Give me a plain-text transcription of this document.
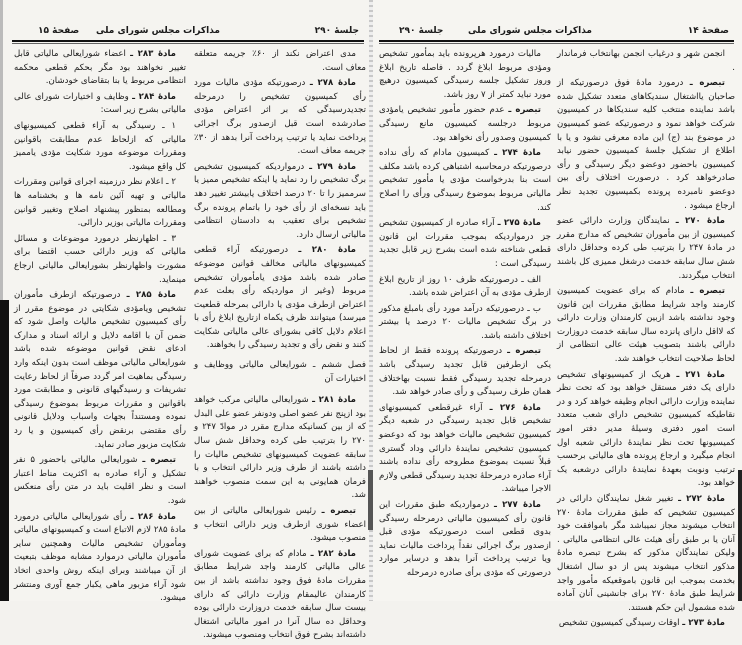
جلسهٔ ۲۹۰
مذاکرات مجلس شورای ملی
صفحهٔ ۱۵

مدی اعتراض نکند از ۶۰٪ جریمه متعلقه معاف است.

مادهٔ ۲۷۸ ـ درصورتیکه مؤدی مالیات مورد رأی کمیسیون تشخیص را درمرحله تجدیدرسیدگی که بر اثر اعتراض مؤدی صادرشده است قبل ازصدور برگ اجرائی پرداخت نماید یا ترتیب پرداخت آنرا بدهد از ۳۰٪ جریمه معاف است.

مادهٔ ۲۷۹ ـ درمواردیکه کمیسیون تشخیص برگ تشخیص را رد نماید یا اینکه تشخیص ممیز یا سرممیز را تا ۲۰ درصد اختلاف یابیشتر تغییر دهد باید نسخه‌ای از رأی خود را باتمام پرونده برگ تشخیص برای تعقیب به دادستان انتظامی مالیاتی ارسال دارد.

مادهٔ ۲۸۰ ـ درصورتیکه آراء قطعی کمیسیونهای مالیاتی مخالف قوانین موضوعه صادر شده باشد مؤدی یامأموران تشخیص مربوط (وغیر از مواردیکه رأی بعلت عدم اعتراض ازطرف مؤدی یا دارائی بمرحله قطعیت میرسد) میتوانند ظرف یکماه ازتاریخ ابلاغ رأی با اعلام دلایل کافی بشورای عالی مالیاتی شکایت کنند و نقض رأی و تجدید رسیدگی را بخواهند.

فصل ششم ـ شورایعالی مالیاتی ووظایف و اختیارات آن

مادهٔ ۲۸۱ ـ شورایعالی مالیاتی مرکب خواهد بود ازپنج نفر عضو اصلی ودونفر عضو علی البدل که از بین کسانیکه مدارج مقرر در موادّ ۲۴۷ و ۲۷۰ را بترتیب طی کرده وحداقل شش سال سابقه عضویت کمیسیونهای تشخیص مالیات را داشته باشند از طرف وزیر دارائی انتخاب و با فرمان همایونی به این سمت منصوب خواهند شد.

تبصره ـ رئیس شورایعالی مالیاتی از بین اعضاء شوری ازطرف وزیر دارائی انتخاب و منصوب میشود.

مادهٔ ۲۸۲ ـ مادام که برای عضویت شورای عالی مالیاتی کارمند واجد شرایط مطابق مقررات مادهٔ فوق وجود نداشته باشد از بین کارمندان عالیمقام وزارت دارائی که دارای بیست سال سابقه خدمت دروزارت دارائی بوده وحداقل ده سال آنرا در امور مالیاتی اشتغال داشته‌اند بشرح فوق انتخاب ومنصوب میشوند.

مادهٔ ۲۸۳ ـ اعضاء شورایعالی مالیاتی قابل تغییر نخواهند بود مگر بحکم قطعی محکمه انتظامی مربوط یا بنا بتقاضای خودشان.

مادهٔ ۲۸۴ ـ وظایف و اختیارات شورای عالی مالیاتی بشرح زیر است:

۱ ـ رسیدگی به آراء قطعی کمیسیونهای مالیاتی که ازلحاظ عدم مطابقت باقوانین ومقررات موضوعه مورد شکایت مؤدی یاممیز کل واقع میشود.

۲ ـ اعلام نظر درزمینه اجرای قوانین ومقررات مالیاتی و تهیه آئین نامه ها و بخشنامه ها ومطالعه بمنظور پیشنهاد اصلاح وتغییر قوانین ومقررات مالیاتی بوزیر دارائی.

۳ ـ اظهارنظر درمورد موضوعات و مسائل مالیاتی که وزیر دارائی حسب اقتضا برای مشورت واظهارنظر بشورایعالی مالیاتی ارجاع مینماید.

مادهٔ ۲۸۵ ـ درصورتیکه ازطرف مأموران تشخیص ویامؤدی شکایتی در موضوع مقرر از رأی کمیسیون تشخیص مالیات واصل شود که ضمن آن با اقامه دلایل و ارائه اسناد و مدارک ادعای نقض قوانین موضوعه شده باشد شورایعالی مالیاتی موظف است بدون اینکه وارد رسیدگی بماهیت امر گردد صرفاً از لحاظ رعایت تشریفات و رسیدگیهای قانونی و مطابقت مورد باقوانین و مقررات مربوط بموضوع رسیدگی نموده ومستنداً بجهات واسباب ودلایل قانونی رأی مقتضی برنقض رأی کمیسیون و یا رد شکایت مزبور صادر نماید.

تبصره ـ شورایعالی مالیاتی باحضور ۵ نفر تشکیل و آراء صادره به اکثریت مناط اعتبار است و نظر اقلیت باید در متن رأی منعکس شود.

مادهٔ ۲۸۶ ـ رأی شورایعالی مالیاتی درمورد مادهٔ ۲۸۵ لازم الاتباع است و کمیسیونهای مالیاتی ومأموران تشخیص مالیات وهمچنین سایر مأموران مالیاتی درموارد مشابه موظف بتبعیت از آن میباشند وبرای اینکه روش واحدی اتخاذ شود آراء مزبور ماهی یکبار جمع آوری ومنتشر میشود.

صفحهٔ ۱۴
مذاکرات مجلس شورای ملی
جلسهٔ ۲۹۰

انجمن شهر و درغیاب انجمن بهانتخاب فرماندار .

تبصره ـ درمورد مادهٔ فوق درصورتیکه از صاحبان یااشتغال سندیکاهای متعدد تشکیل شده باشد نماینده منتخب کلیه سندیکاها در کمیسیون شرکت خواهد نمود و درصورتیکه عضو کمیسیون در موضوع بند (ج) این ماده معرفی نشود و یا با اطلاع از تشکیل جلسهٔ کمیسیون حضور نیابد کمیسیون باحضور دوعضو دیگر رسیدگی و رأی صادرخواهد کرد . درصورت اختلاف رأی بین دوعضو نامبرده پرونده بکمیسیون تجدید نظر ارجاع میشود .

مادهٔ ۲۷۰ ـ نمایندگان وزارت دارائی عضو کمیسیون از بین مأموران تشخیص که مدارج مقرر در مادهٔ ۲۴۷ را بترتیب طی کرده وحداقل دارای شش سال سابقه خدمت درشغل ممیزی کل باشند انتخاب میگردند.

تبصره ـ مادام که برای عضویت کمیسیون کارمند واجد شرایط مطابق مقررات این قانون وجود نداشته باشد ازبین کارمندان وزارت دارائی که لااقل دارای پانزده سال سابقه خدمت دروزارت دارائی باشند بتصویب هیئت عالی انتظامی از لحاظ صلاحیت انتخاب خواهند شد.

مادهٔ ۲۷۱ ـ هریک از کمیسیونهای تشخیص دارای یک دفتر مستقل خواهد بود که تحت نظر نماینده وزارت دارائی انجام وظیفه خواهد کرد و در نقاطیکه کمیسیون تشخیص دارای شعب متعدد است امور دفتری وسیلهٔ مدیر دفتر امور کمیسیونها تحت نظر نمایندهٔ دارائی شعبه اول انجام میگیرد و ارجاع پرونده های مالیاتی برحسب ترتیب ونوبت بعهدهٔ نمایندهٔ دارائی درشعبه یک خواهد بود.

مادهٔ ۲۷۲ ـ تغییر شغل نمایندگان دارائی در کمیسیون تشخیص که طبق مقررات مادهٔ ۲۷۰ انتخاب میشوند مجاز نمیباشد مگر باموافقت خود آنان یا بر طبق رأی هیئت عالی انتظامی مالیاتی . ولیکن نمایندگان مذکور که بشرح تبصره مادهٔ مذکور انتخاب میشوند پس از دو سال اشتغال بخدمت بموجب این قانون باموقعیکه مأمور واجد شرایط طبق مادهٔ ۲۷۰ برای جانشینی آنان آماده شده مشمول این حکم هستند.

مادهٔ ۲۷۳ ـ اوقات رسیدگی کمیسیون تشخیص

مالیات درمورد هرپرونده باید بمأمور تشخیص ومؤدی مربوط ابلاغ گردد . فاصله تاریخ ابلاغ وروز تشکیل جلسه رسیدگی کمیسیون درهیچ مورد نباید کمتر از ۷ روز باشد.

تبصره ـ عدم حضور مأمور تشخیص یامؤدی مربوط درجلسه کمیسیون مانع رسیدگی کمیسیون وصدور رأی نخواهد بود.

مادهٔ ۲۷۴ ـ کمیسیون مادام که رأی نداده درصورتیکه درمحاسبه اشتباهی کرده باشد مکلف است بنا بدرخواست مؤدی یا مأمور تشخیص مالیاتی مربوط بموضوع رسیدگی ورأی را اصلاح کند.

مادهٔ ۲۷۵ ـ آراء صادره از کمیسیون تشخیص جز درمواردیکه بموجب مقررات این قانون قطعی شناخته شده است بشرح زیر قابل تجدید رسیدگی است :

الف ـ درصورتیکه ظرف ۱۰ روز از تاریخ ابلاغ ازطرف مؤدی به آن اعتراض شده باشد.

ب ـ درصورتیکه درآمد مورد رأی بامبلغ مذکور در برگ تشخیص مالیات ۲۰ درصد یا بیشتر اختلاف داشته باشد.

تبصره ـ درصورتیکه پرونده فقط از لحاظ یکی ازطرفین قابل تجدید رسیدگی باشد درمرحله تجدید رسیدگی فقط نسبت بهاختلاف همان طرف رسیدگی و رأی صادر خواهد شد.

مادهٔ ۲۷۶ ـ آراء غیرقطعی کمیسیونهای تشخیص قابل تجدید رسیدگی در شعبه دیگر کمیسیون تشخیص مالیات خواهد بود که دوعضو کمیسیون تشخیص نمایندهٔ دارائی وداد گستری قبلاً نسبت بموضوع مطروحه رأی نداده باشند آراء صادره درمرحلهٔ تجدید رسیدگی قطعی ولازم الاجرا میباشد.

مادهٔ ۲۷۷ ـ درمواردیکه طبق مقررات این قانون رأی کمیسیون مالیاتی درمرحله رسیدگی بدوی قطعی است درصورتیکه مؤدی قبل ازصدور برگ اجرائی نقداً پرداخت مالیات نماید ویا ترتیب پرداخت آنرا بدهد و درسایر موارد درصورتی که مؤدی برأی صادره درمرحله
